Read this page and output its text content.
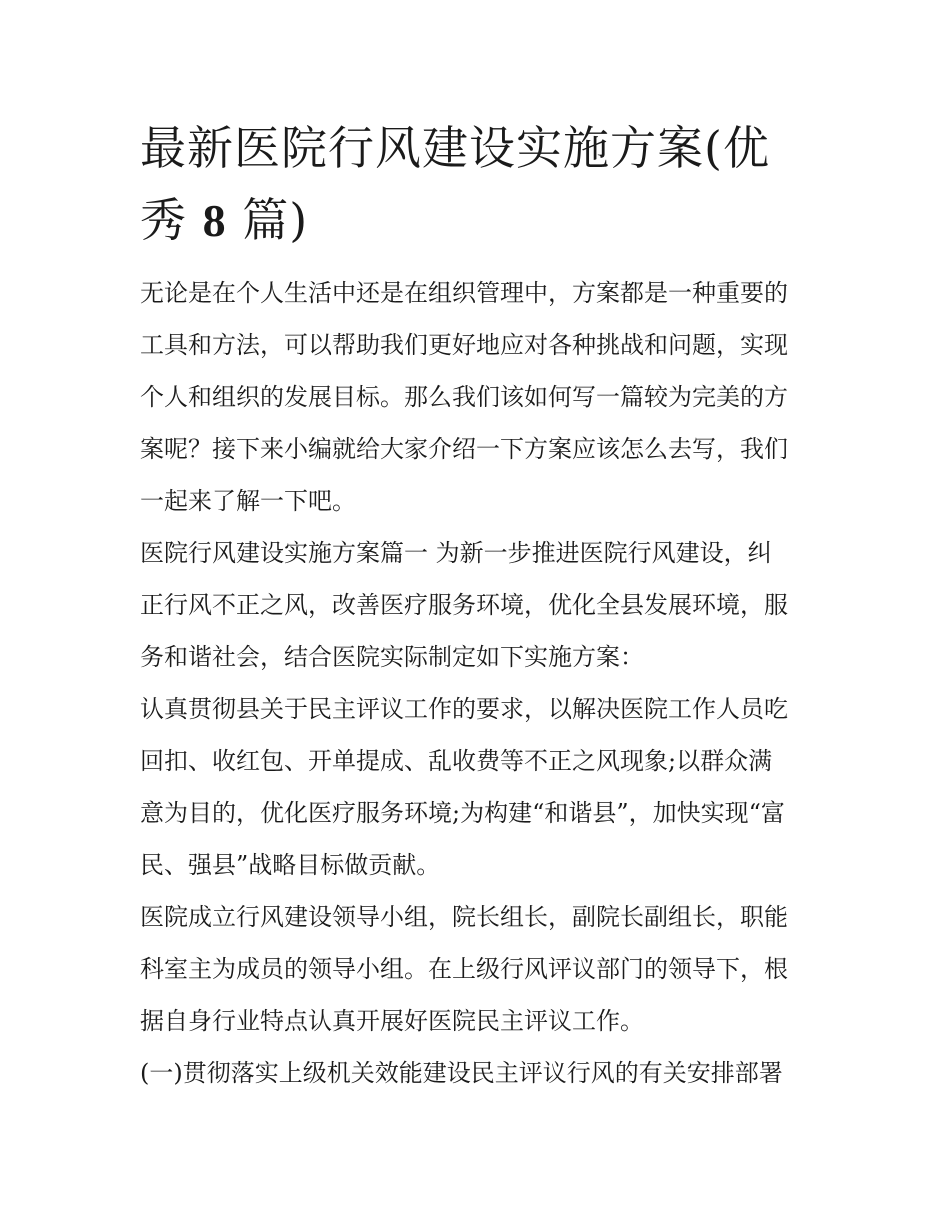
最新医院行风建设实施方案(优
秀 8 篇)

无论是在个人生活中还是在组织管理中，方案都是一种重要的
工具和方法，可以帮助我们更好地应对各种挑战和问题，实现
个人和组织的发展目标。那么我们该如何写一篇较为完美的方
案呢？接下来小编就给大家介绍一下方案应该怎么去写，我们
一起来了解一下吧。

医院行风建设实施方案篇一 为新一步推进医院行风建设，纠
正行风不正之风，改善医疗服务环境，优化全县发展环境，服
务和谐社会，结合医院实际制定如下实施方案：

认真贯彻县关于民主评议工作的要求，以解决医院工作人员吃
回扣、收红包、开单提成、乱收费等不正之风现象;以群众满
意为目的，优化医疗服务环境;为构建“和谐县”，加快实现“富
民、强县”战略目标做贡献。

医院成立行风建设领导小组，院长组长，副院长副组长，职能
科室主为成员的领导小组。在上级行风评议部门的领导下，根
据自身行业特点认真开展好医院民主评议工作。

(一)贯彻落实上级机关效能建设民主评议行风的有关安排部署
